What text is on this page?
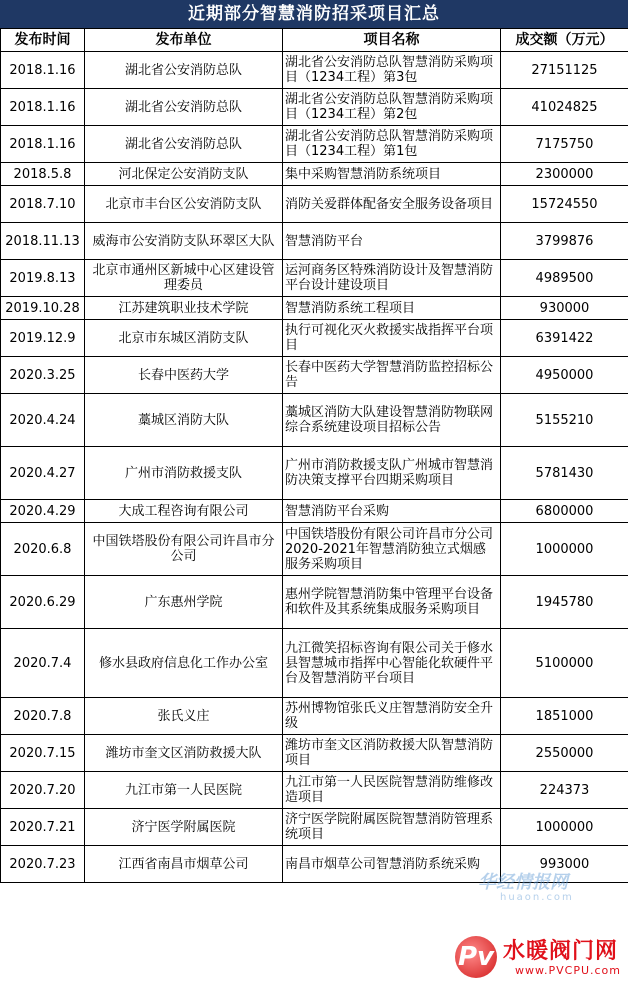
近期部分智慧消防招采项目汇总
发布时间	发布单位	项目名称	成交额（万元）
2018.1.16	湖北省公安消防总队	湖北省公安消防总队智慧消防采购项目（1234工程）第3包	27151125
2018.1.16	湖北省公安消防总队	湖北省公安消防总队智慧消防采购项目（1234工程）第2包	41024825
2018.1.16	湖北省公安消防总队	湖北省公安消防总队智慧消防采购项目（1234工程）第1包	7175750
2018.5.8	河北保定公安消防支队	集中采购智慧消防系统项目	2300000
2018.7.10	北京市丰台区公安消防支队	消防关爱群体配备安全服务设备项目	15724550
2018.11.13	威海市公安消防支队环翠区大队	智慧消防平台	3799876
2019.8.13	北京市通州区新城中心区建设管理委员	运河商务区特殊消防设计及智慧消防平台设计建设项目	4989500
2019.10.28	江苏建筑职业技术学院	智慧消防系统工程项目	930000
2019.12.9	北京市东城区消防支队	执行可视化灭火救援实战指挥平台项目	6391422
2020.3.25	长春中医药大学	长春中医药大学智慧消防监控招标公告	4950000
2020.4.24	藁城区消防大队	藁城区消防大队建设智慧消防物联网综合系统建设项目招标公告	5155210
2020.4.27	广州市消防救援支队	广州市消防救援支队广州城市智慧消防决策支撑平台四期采购项目	5781430
2020.4.29	大成工程咨询有限公司	智慧消防平台采购	6800000
2020.6.8	中国铁塔股份有限公司许昌市分公司	中国铁塔股份有限公司许昌市分公司2020-2021年智慧消防独立式烟感服务采购项目	1000000
2020.6.29	广东惠州学院	惠州学院智慧消防集中管理平台设备和软件及其系统集成服务采购项目	1945780
2020.7.4	修水县政府信息化工作办公室	九江微笑招标咨询有限公司关于修水县智慧城市指挥中心智能化软硬件平台及智慧消防平台项目	5100000
2020.7.8	张氏义庄	苏州博物馆张氏义庄智慧消防安全升级	1851000
2020.7.15	潍坊市奎文区消防救援大队	潍坊市奎文区消防救援大队智慧消防项目	2550000
2020.7.20	九江市第一人民医院	九江市第一人民医院智慧消防维修改造项目	224373
2020.7.21	济宁医学附属医院	济宁医学院附属医院智慧消防管理系统项目	1000000
2020.7.23	江西省南昌市烟草公司	南昌市烟草公司智慧消防系统采购	993000
华经情报网
huaon.com
Pv 水暖阀门网
www.PVCPU.com
